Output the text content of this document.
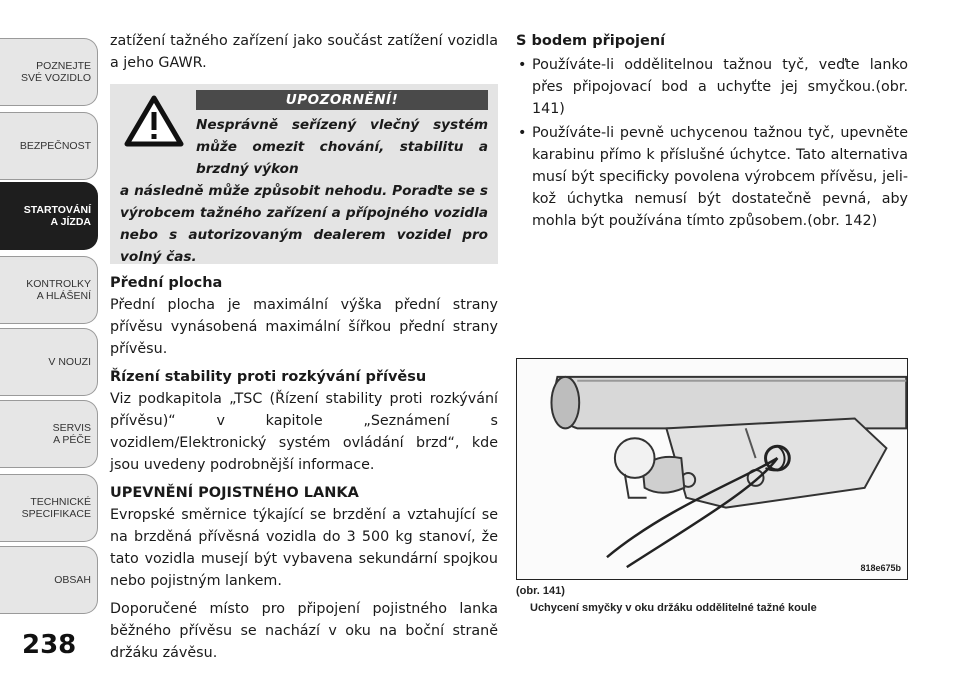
POZNEJTE
SVÉ VOZIDLO
BEZPEČNOST
STARTOVÁNÍ
A JÍZDA
KONTROLKY
A HLÁŠENÍ
V NOUZI
SERVIS
A PÉČE
TECHNICKÉ
SPECIFIKACE
OBSAH
238

zatížení tažného zařízení jako součást zatížení vozidla a jeho GAWR.

UPOZORNĚNÍ!
Nesprávně seřízený vlečný systém může omezit chování, stabilitu a brzdný výkon
a následně může způsobit nehodu. Poraďte se s výrobcem tažného zařízení a přípojného vozidla nebo s autorizovaným dealerem vozidel pro volný čas.
Přední plocha

Přední plocha je maximální výška přední strany přívěsu vynásobená maximální šířkou přední strany přívěsu.

Řízení stability proti rozkývání přívěsu

Viz podkapitola „TSC (Řízení stability proti rozkývání přívěsu)“ v kapitole „Seznámení s vozidlem/Elektronický systém ovládání brzd“, kde jsou uvedeny podrobnější informace.

UPEVNĚNÍ POJISTNÉHO LANKA

Evropské směrnice týkající se brzdění a vztahující se na brzděná přívěsná vozidla do 3 500 kg stanoví, že tato vozidla musejí být vybavena sekundární spojkou nebo pojistným lankem.

Doporučené místo pro připojení pojistného lanka běžného přívěsu se nachází v oku na boční straně držáku závěsu.

S bodem připojení
• Používáte-li oddělitelnou tažnou tyč, veďte lanko přes připojovací bod a uchyťte jej smyčkou.(obr. 141)
• Používáte-li pevně uchycenou tažnou tyč, upevněte karabinu přímo k příslušné úchytce. Tato alternativa musí být specificky povolena výrobcem přívěsu, jeli-kož úchytka nemusí být dostatečně pevná, aby mohla být používána tímto způsobem.(obr. 142)
818e675b
(obr. 141)
Uchycení smyčky v oku držáku oddělitelné tažné koule
